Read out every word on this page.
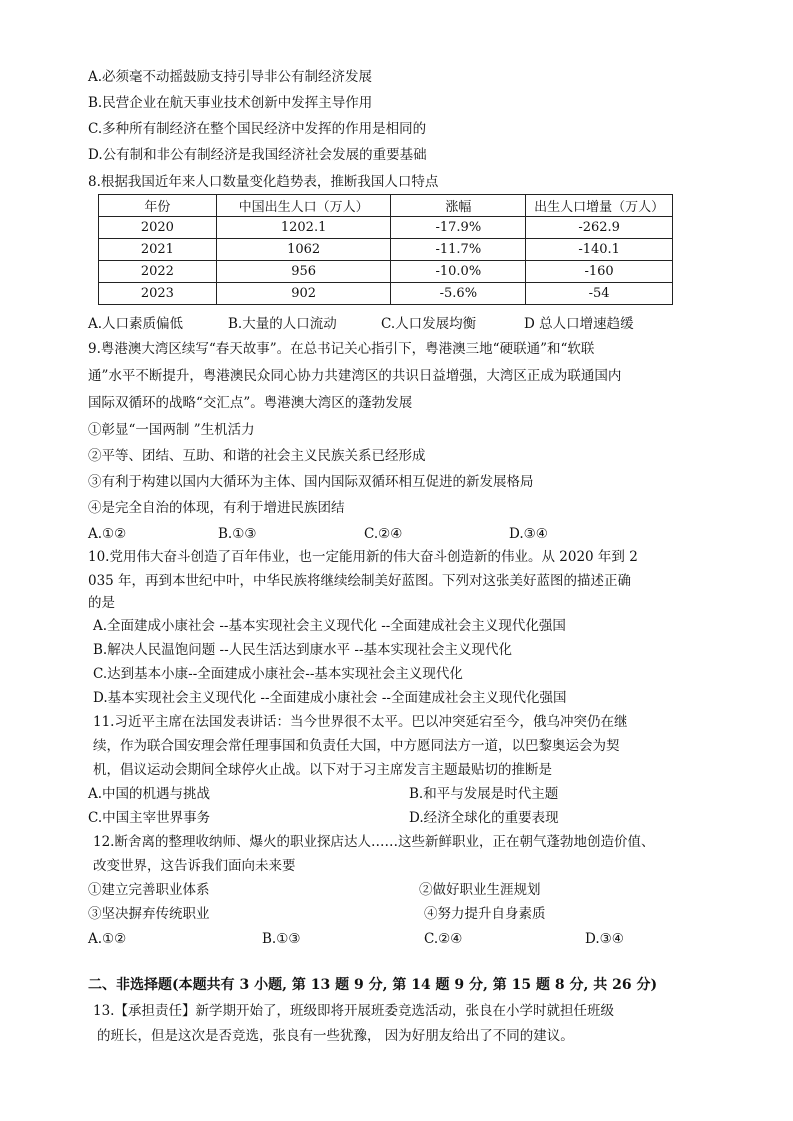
A.必须毫不动摇鼓励支持引导非公有制经济发展
B.民营企业在航天事业技术创新中发挥主导作用
C.多种所有制经济在整个国民经济中发挥的作用是相同的
D.公有制和非公有制经济是我国经济社会发展的重要基础
8.根据我国近年来人口数量变化趋势表，推断我国人口特点
年份	中国出生人口（万人）	涨幅	出生人口增量（万人）
2020	1202.1	-17.9%	-262.9
2021	1062	-11.7%	-140.1
2022	956	-10.0%	-160
2023	902	-5.6%	-54
A.人口素质偏低	B.大量的人口流动	C.人口发展均衡	D 总人口增速趋缓
9.粤港澳大湾区续写“春天故事”。在总书记关心指引下，粤港澳三地“硬联通”和“软联
通”水平不断提升，粤港澳民众同心协力共建湾区的共识日益增强，大湾区正成为联通国内
国际双循环的战略“交汇点”。粤港澳大湾区的蓬勃发展
①彰显“一国两制 ”生机活力
②平等、团结、互助、和谐的社会主义民族关系已经形成
③有利于构建以国内大循环为主体、国内国际双循环相互促进的新发展格局
④是完全自治的体现，有利于增进民族团结
A.①②	B.①③	C.②④	D.③④
10.党用伟大奋斗创造了百年伟业，也一定能用新的伟大奋斗创造新的伟业。从 2020 年到 2
035 年，再到本世纪中叶，中华民族将继续绘制美好蓝图。下列对这张美好蓝图的描述正确
的是
A.全面建成小康社会 --基本实现社会主义现代化 --全面建成社会主义现代化强国
B.解决人民温饱问题 --人民生活达到康水平 --基本实现社会主义现代化
C.达到基本小康--全面建成小康社会--基本实现社会主义现代化
D.基本实现社会主义现代化 --全面建成小康社会 --全面建成社会主义现代化强国
11.习近平主席在法国发表讲话：当今世界很不太平。巴以冲突延宕至今，俄乌冲突仍在继
续，作为联合国安理会常任理事国和负责任大国，中方愿同法方一道，以巴黎奥运会为契
机，倡议运动会期间全球停火止战。以下对于习主席发言主题最贴切的推断是
A.中国的机遇与挑战	B.和平与发展是时代主题
C.中国主宰世界事务	D.经济全球化的重要表现
12.断舍离的整理收纳师、爆火的职业探店达人……这些新鲜职业，正在朝气蓬勃地创造价值、
改变世界，这告诉我们面向未来要
①建立完善职业体系	②做好职业生涯规划
③坚决摒弃传统职业	④努力提升自身素质
A.①②	B.①③	C.②④	D.③④
二、非选择题(本题共有 3 小题, 第 13 题 9 分, 第 14 题 9 分, 第 15 题 8 分, 共 26 分)
13.【承担责任】新学期开始了，班级即将开展班委竞选活动，张良在小学时就担任班级
的班长，但是这次是否竞选，张良有一些犹豫， 因为好朋友给出了不同的建议。
